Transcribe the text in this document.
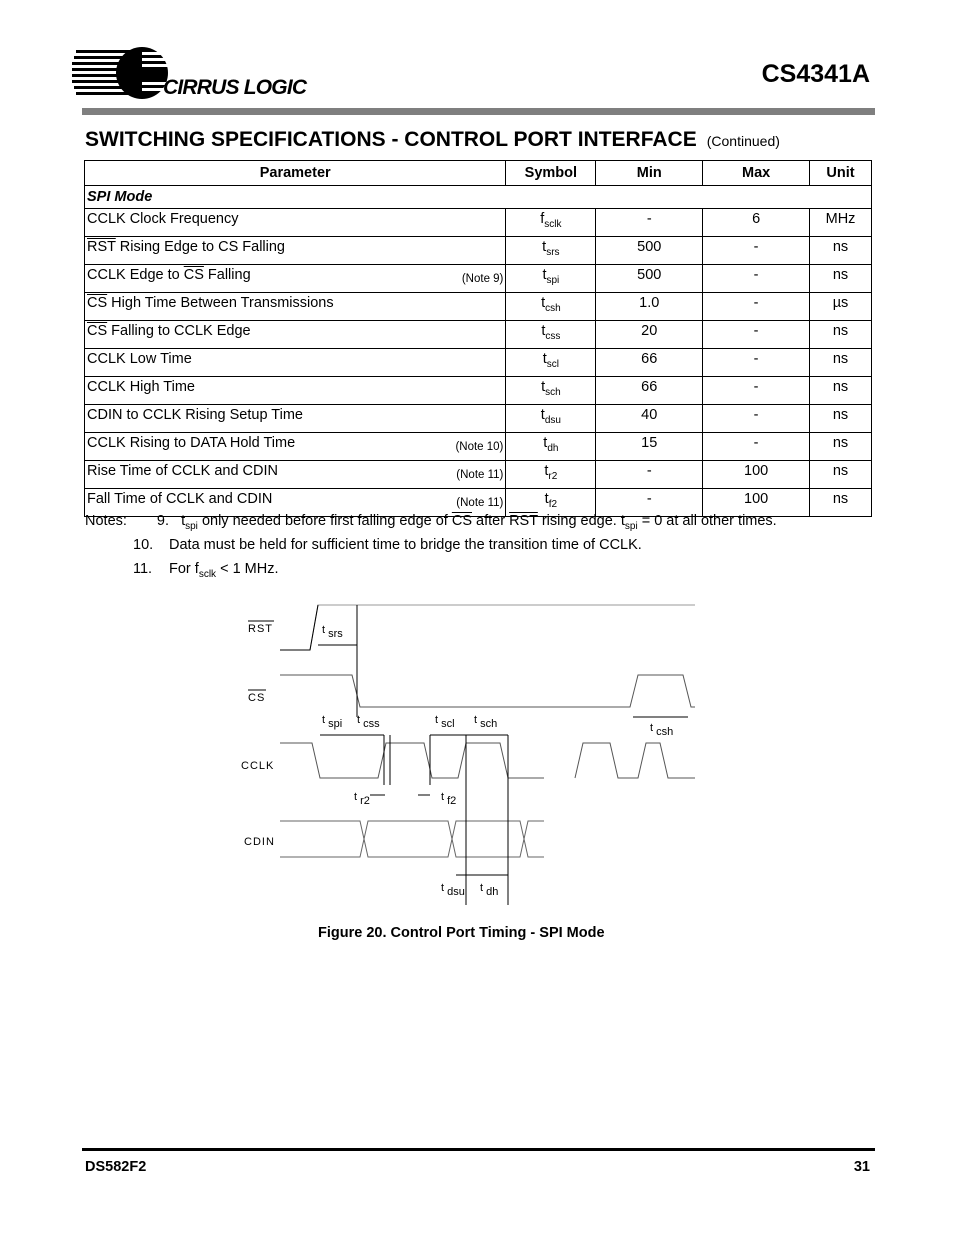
CIRRUS LOGIC	CS4341A
SWITCHING SPECIFICATIONS - CONTROL PORT INTERFACE (Continued)
Parameter	Symbol	Min	Max	Unit
SPI Mode				

CCLK Clock Frequency	$f_{sclk}$	-	6	MHz

$\overline{RST}$ Rising Edge to CS Falling	$t_{srs}$	500	-	ns

CCLK Edge to $\overline{CS}$ Falling (Note 9)	$t_{spi}$	500	-	ns

$\overline{CS}$ High Time Between Transmissions	$t_{csh}$	1.0	-	µs

$\overline{CS}$ Falling to CCLK Edge	$t_{css}$	20	-	ns

CCLK Low Time	$t_{scl}$	66	-	ns

CCLK High Time	$t_{sch}$	66	-	ns

CDIN to CCLK Rising Setup Time	$t_{dsu}$	40	-	ns

CCLK Rising to DATA Hold Time (Note 10)	$t_{dh}$	15	-	ns

Rise Time of CCLK and CDIN (Note 11)	$t_{r2}$	-	100	ns

Fall Time of CCLK and CDIN (Note 11)	$t_{f2}$	-	100	ns
Notes: 9. $t_{spi}$ only needed before first falling edge of $\overline{CS}$ after $\overline{RST}$ rising edge. $t_{spi} = 0$ at all other times.
10. Data must be held for sufficient time to bridge the transition time of CCLK.
11. For $f_{sclk} < 1$ MHz.
RST
CS
CCLK
CDIN
t srs
t spi t css	t scl t sch	t csh
t r2	t f2
t dsu t dh
Figure 20. Control Port Timing - SPI Mode
DS582F2	31
